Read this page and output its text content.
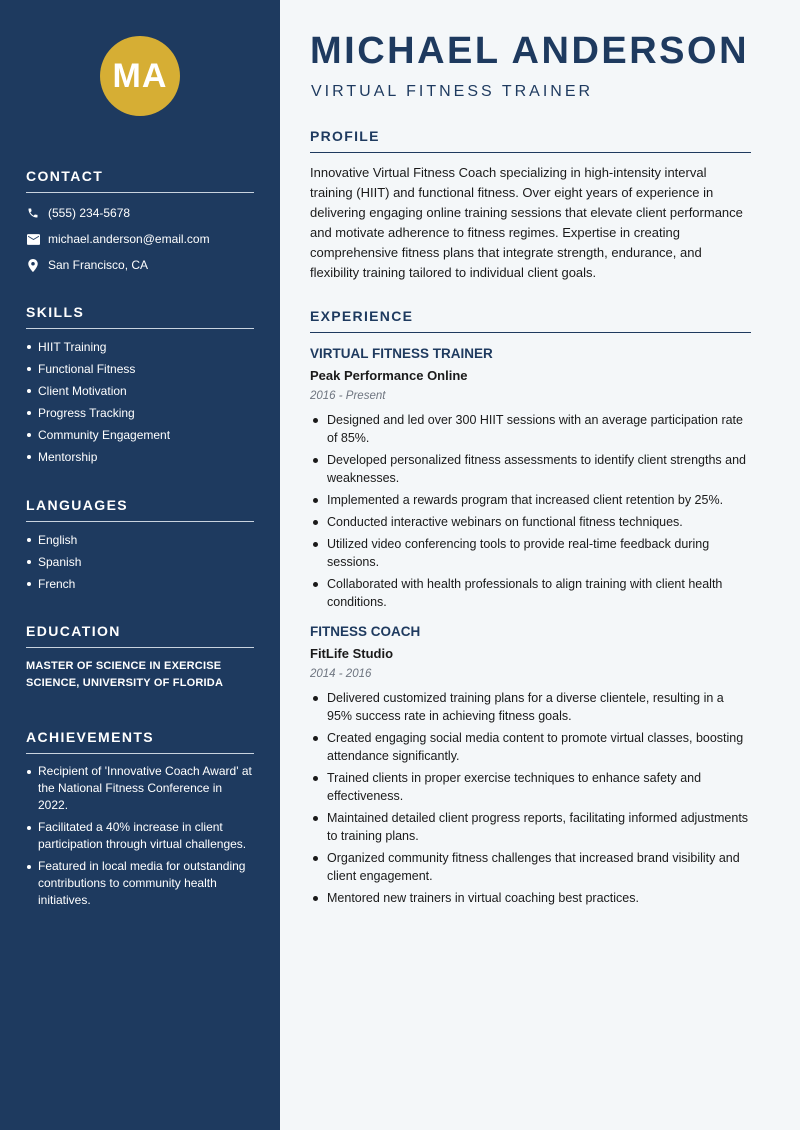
MA
CONTACT
(555) 234-5678
michael.anderson@email.com
San Francisco, CA
SKILLS
HIIT Training
Functional Fitness
Client Motivation
Progress Tracking
Community Engagement
Mentorship
LANGUAGES
English
Spanish
French
EDUCATION
MASTER OF SCIENCE IN EXERCISE SCIENCE, UNIVERSITY OF FLORIDA
ACHIEVEMENTS
Recipient of 'Innovative Coach Award' at the National Fitness Conference in 2022.
Facilitated a 40% increase in client participation through virtual challenges.
Featured in local media for outstanding contributions to community health initiatives.
MICHAEL ANDERSON
VIRTUAL FITNESS TRAINER
PROFILE

Innovative Virtual Fitness Coach specializing in high-intensity interval training (HIIT) and functional fitness. Over eight years of experience in delivering engaging online training sessions that elevate client performance and motivate adherence to fitness regimes. Expertise in creating comprehensive fitness plans that integrate strength, endurance, and flexibility training tailored to individual client goals.

EXPERIENCE
VIRTUAL FITNESS TRAINER
Peak Performance Online
2016 - Present
Designed and led over 300 HIIT sessions with an average participation rate of 85%.
Developed personalized fitness assessments to identify client strengths and weaknesses.
Implemented a rewards program that increased client retention by 25%.
Conducted interactive webinars on functional fitness techniques.
Utilized video conferencing tools to provide real-time feedback during sessions.
Collaborated with health professionals to align training with client health conditions.
FITNESS COACH
FitLife Studio
2014 - 2016
Delivered customized training plans for a diverse clientele, resulting in a 95% success rate in achieving fitness goals.
Created engaging social media content to promote virtual classes, boosting attendance significantly.
Trained clients in proper exercise techniques to enhance safety and effectiveness.
Maintained detailed client progress reports, facilitating informed adjustments to training plans.
Organized community fitness challenges that increased brand visibility and client engagement.
Mentored new trainers in virtual coaching best practices.
